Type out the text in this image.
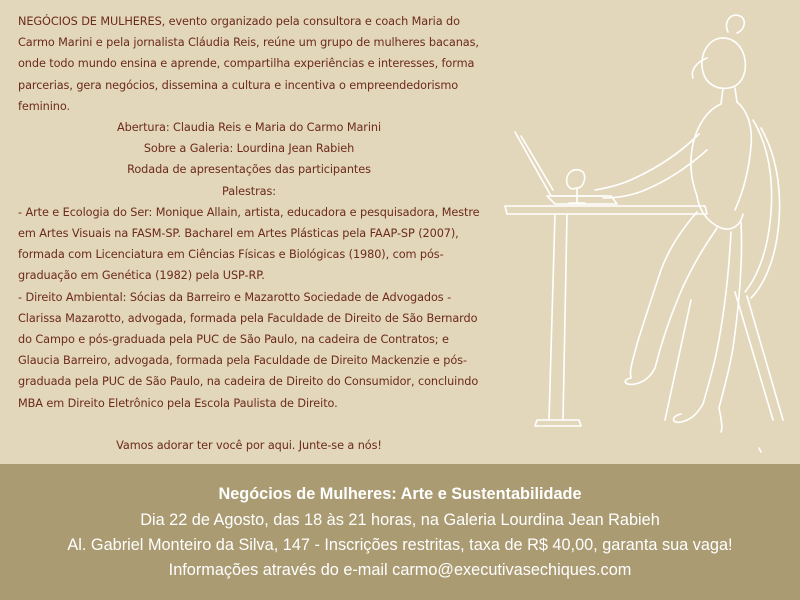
NEGÓCIOS DE MULHERES, evento organizado pela consultora e coach Maria do Carmo Marini e pela jornalista Cláudia Reis, reúne um grupo de mulheres bacanas, onde todo mundo ensina e aprende, compartilha experiências e interesses, forma parcerias, gera negócios, dissemina a cultura e incentiva o empreendedorismo feminino.

Abertura: Claudia Reis e Maria do Carmo Marini

Sobre a Galeria: Lourdina Jean Rabieh

Rodada de apresentações das participantes

Palestras:

- Arte e Ecologia do Ser: Monique Allain, artista, educadora e pesquisadora, Mestre em Artes Visuais na FASM-SP. Bacharel em Artes Plásticas pela FAAP-SP (2007), formada com Licenciatura em Ciências Físicas e Biológicas (1980), com pós-graduação em Genética (1982) pela USP-RP.

- Direito Ambiental: Sócias da Barreiro e Mazarotto Sociedade de Advogados - Clarissa Mazarotto, advogada, formada pela Faculdade de Direito de São Bernardo do Campo e pós-graduada pela PUC de São Paulo, na cadeira de Contratos; e Glaucia Barreiro, advogada, formada pela Faculdade de Direito Mackenzie e pós-graduada pela PUC de São Paulo, na cadeira de Direito do Consumidor, concluindo MBA em Direito Eletrônico pela Escola Paulista de Direito.

Vamos adorar ter você por aqui. Junte-se a nós!

Negócios de Mulheres: Arte e Sustentabilidade
Dia 22 de Agosto, das 18 às 21 horas, na Galeria Lourdina Jean Rabieh
Al. Gabriel Monteiro da Silva, 147 - Inscrições restritas, taxa de R$ 40,00, garanta sua vaga!
Informações através do e-mail carmo@executivasechiques.com
